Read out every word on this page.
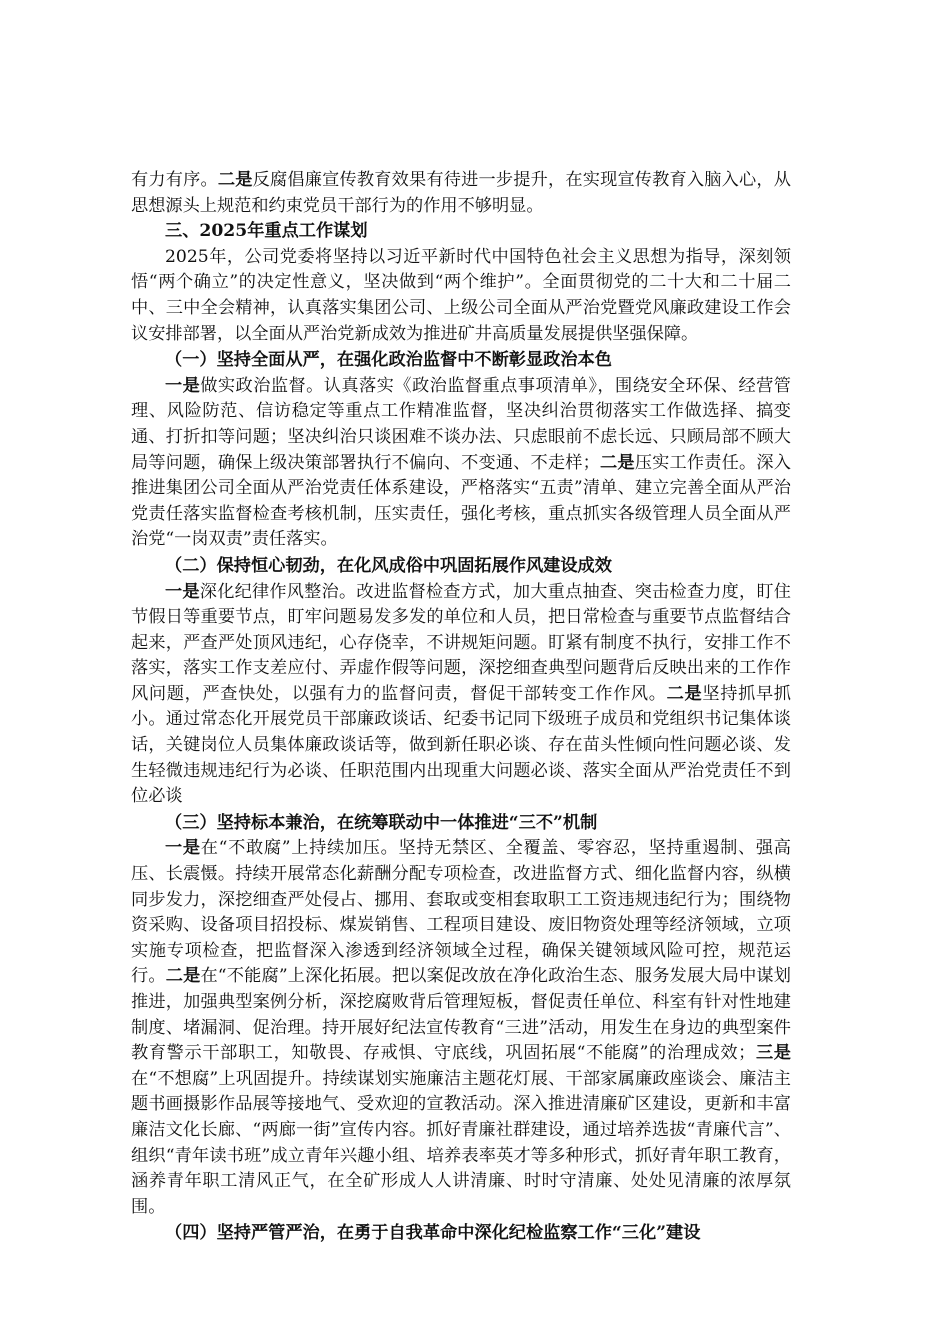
有力有序。二是反腐倡廉宣传教育效果有待进一步提升，在实现宣传教育入脑入心，从思想源头上规范和约束党员干部行为的作用不够明显。

三、2025年重点工作谋划

2025年，公司党委将坚持以习近平新时代中国特色社会主义思想为指导，深刻领悟“两个确立”的决定性意义，坚决做到“两个维护”。全面贯彻党的二十大和二十届二中、三中全会精神，认真落实集团公司、上级公司全面从严治党暨党风廉政建设工作会议安排部署，以全面从严治党新成效为推进矿井高质量发展提供坚强保障。

（一）坚持全面从严，在强化政治监督中不断彰显政治本色

一是做实政治监督。认真落实《政治监督重点事项清单》，围绕安全环保、经营管理、风险防范、信访稳定等重点工作精准监督，坚决纠治贯彻落实工作做选择、搞变通、打折扣等问题；坚决纠治只谈困难不谈办法、只虑眼前不虑长远、只顾局部不顾大局等问题，确保上级决策部署执行不偏向、不变通、不走样；二是压实工作责任。深入推进集团公司全面从严治党责任体系建设，严格落实“五责”清单、建立完善全面从严治党责任落实监督检查考核机制，压实责任，强化考核，重点抓实各级管理人员全面从严治党“一岗双责”责任落实。

（二）保持恒心韧劲，在化风成俗中巩固拓展作风建设成效

一是深化纪律作风整治。改进监督检查方式，加大重点抽查、突击检查力度，盯住节假日等重要节点，盯牢问题易发多发的单位和人员，把日常检查与重要节点监督结合起来，严查严处顶风违纪，心存侥幸，不讲规矩问题。盯紧有制度不执行，安排工作不落实，落实工作支差应付、弄虚作假等问题，深挖细查典型问题背后反映出来的工作作风问题，严查快处，以强有力的监督问责，督促干部转变工作作风。二是坚持抓早抓小。通过常态化开展党员干部廉政谈话、纪委书记同下级班子成员和党组织书记集体谈话，关键岗位人员集体廉政谈话等，做到新任职必谈、存在苗头性倾向性问题必谈、发生轻微违规违纪行为必谈、任职范围内出现重大问题必谈、落实全面从严治党责任不到位必谈

（三）坚持标本兼治，在统筹联动中一体推进“三不”机制

一是在“不敢腐”上持续加压。坚持无禁区、全覆盖、零容忍，坚持重遏制、强高压、长震慑。持续开展常态化薪酬分配专项检查，改进监督方式、细化监督内容，纵横同步发力，深挖细查严处侵占、挪用、套取或变相套取职工工资违规违纪行为；围绕物资采购、设备项目招投标、煤炭销售、工程项目建设、废旧物资处理等经济领域，立项实施专项检查，把监督深入渗透到经济领域全过程，确保关键领域风险可控，规范运行。二是在“不能腐”上深化拓展。把以案促改放在净化政治生态、服务发展大局中谋划推进，加强典型案例分析，深挖腐败背后管理短板，督促责任单位、科室有针对性地建制度、堵漏洞、促治理。持开展好纪法宣传教育“三进”活动，用发生在身边的典型案件教育警示干部职工，知敬畏、存戒惧、守底线，巩固拓展“不能腐”的治理成效；三是在“不想腐”上巩固提升。持续谋划实施廉洁主题花灯展、干部家属廉政座谈会、廉洁主题书画摄影作品展等接地气、受欢迎的宣教活动。深入推进清廉矿区建设，更新和丰富廉洁文化长廊、“两廊一街”宣传内容。抓好青廉社群建设，通过培养选拔“青廉代言”、组织“青年读书班”成立青年兴趣小组、培养表率英才等多种形式，抓好青年职工教育，涵养青年职工清风正气，在全矿形成人人讲清廉、时时守清廉、处处见清廉的浓厚氛围。

（四）坚持严管严治，在勇于自我革命中深化纪检监察工作“三化”建设
